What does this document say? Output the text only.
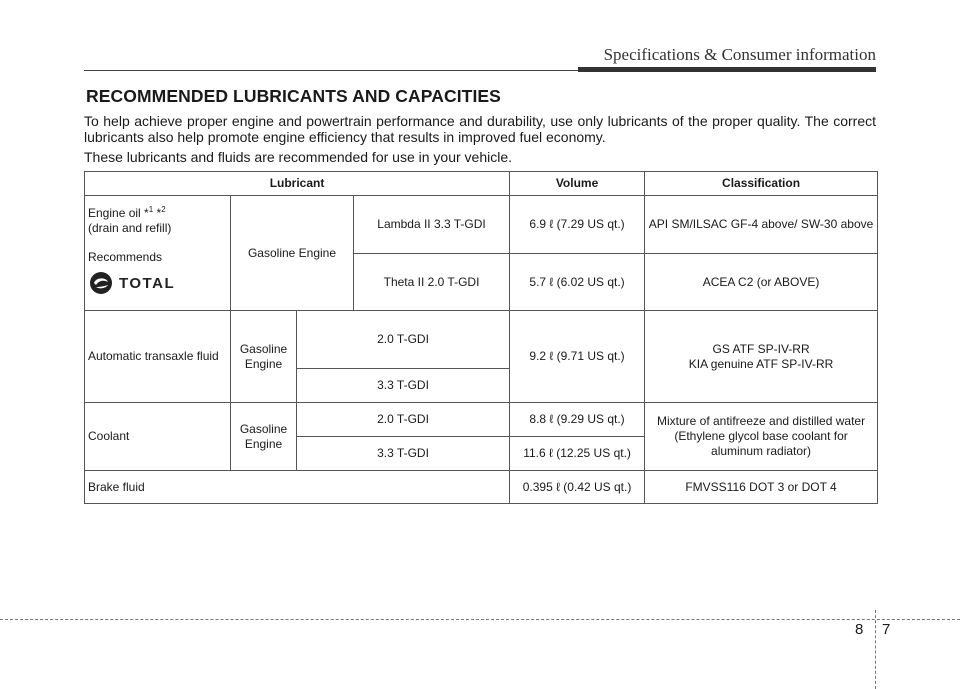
Specifications & Consumer information
RECOMMENDED LUBRICANTS AND CAPACITIES

To help achieve proper engine and powertrain performance and durability, use only lubricants of the proper quality. The correct lubricants also help promote engine efficiency that results in improved fuel economy.

These lubricants and fluids are recommended for use in your vehicle.

Lubricant				Volume	Classification

Engine oil *$^1$ *$^2$
(drain and refill)
Recommends
TOTAL	Gasoline Engine		Lambda II 3.3 T-GDI	6.9 ℓ (7.29 US qt.)	API SM/ILSAC GF-4 above/ SW-30 above
			Theta II 2.0 T-GDI	5.7 ℓ (6.02 US qt.)	ACEA C2 (or ABOVE)
Automatic transaxle fluid	Gasoline Engine	2.0 T-GDI		9.2 ℓ (9.71 US qt.)	GS ATF SP-IV-RR
KIA genuine ATF SP-IV-RR

		3.3 T-GDI			
Coolant	Gasoline Engine	2.0 T-GDI		8.8 ℓ (9.29 US qt.)	Mixture of antifreeze and distilled water
(Ethylene glycol base coolant for aluminum radiator)

		3.3 T-GDI		11.6 ℓ (12.25 US qt.)	
Brake fluid				0.395 ℓ (0.42 US qt.)	FMVSS116 DOT 3 or DOT 4
8 7
